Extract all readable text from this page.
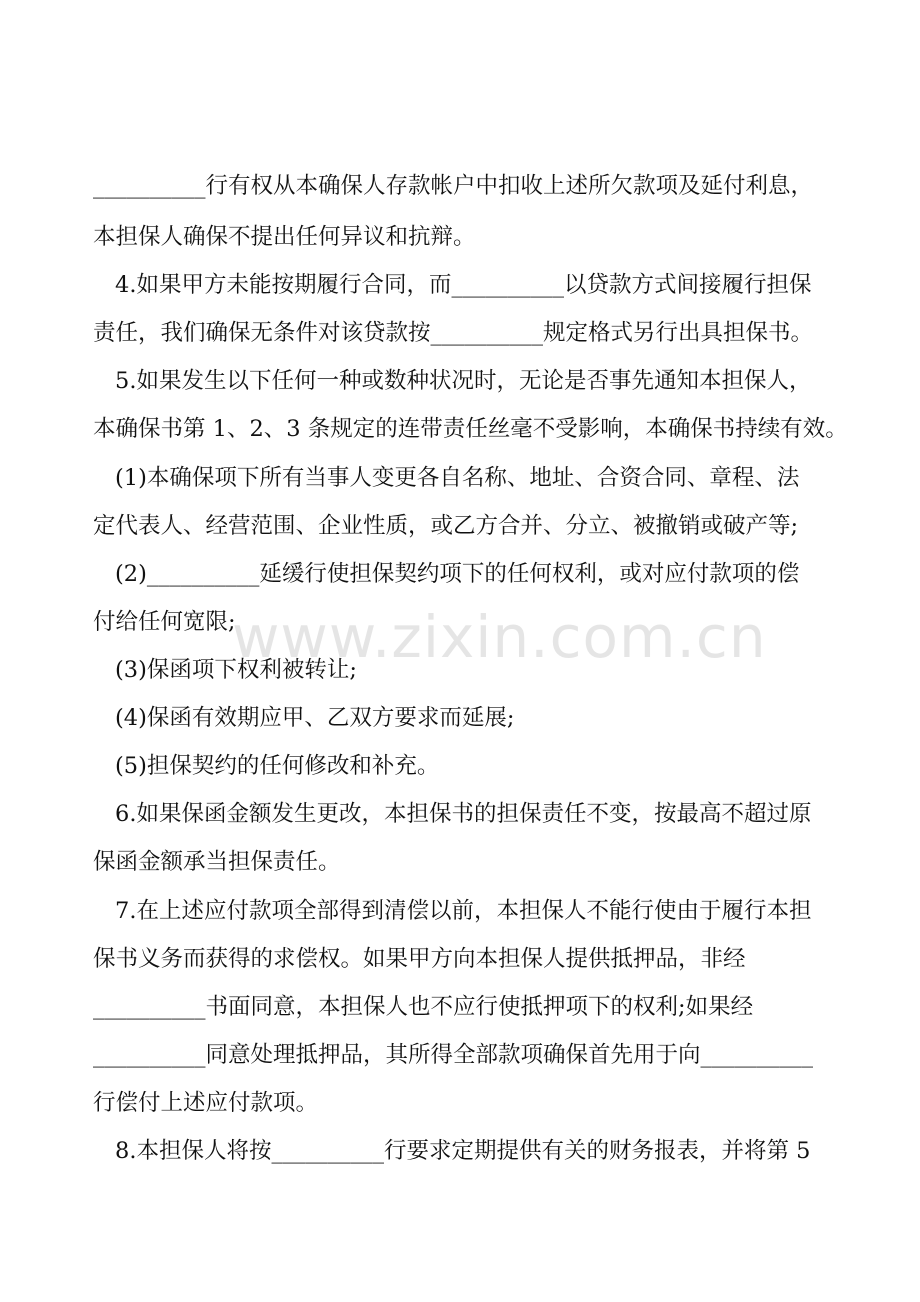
__________行有权从本确保人存款帐户中扣收上述所欠款项及延付利息，
本担保人确保不提出任何异议和抗辩。
4.如果甲方未能按期履行合同，而__________以贷款方式间接履行担保
责任，我们确保无条件对该贷款按__________规定格式另行出具担保书。
5.如果发生以下任何一种或数种状况时，无论是否事先通知本担保人，
本确保书第 1、2、3 条规定的连带责任丝毫不受影响，本确保书持续有效。
(1)本确保项下所有当事人变更各自名称、地址、合资合同、章程、法
定代表人、经营范围、企业性质，或乙方合并、分立、被撤销或破产等;
(2)__________延缓行使担保契约项下的任何权利，或对应付款项的偿
付给任何宽限;
(3)保函项下权利被转让;
(4)保函有效期应甲、乙双方要求而延展;
(5)担保契约的任何修改和补充。
6.如果保函金额发生更改，本担保书的担保责任不变，按最高不超过原
保函金额承当担保责任。
7.在上述应付款项全部得到清偿以前，本担保人不能行使由于履行本担
保书义务而获得的求偿权。如果甲方向本担保人提供抵押品，非经
__________书面同意，本担保人也不应行使抵押项下的权利;如果经
__________同意处理抵押品，其所得全部款项确保首先用于向__________
行偿付上述应付款项。
8.本担保人将按__________行要求定期提供有关的财务报表，并将第 5
www.zixin.com.cn
